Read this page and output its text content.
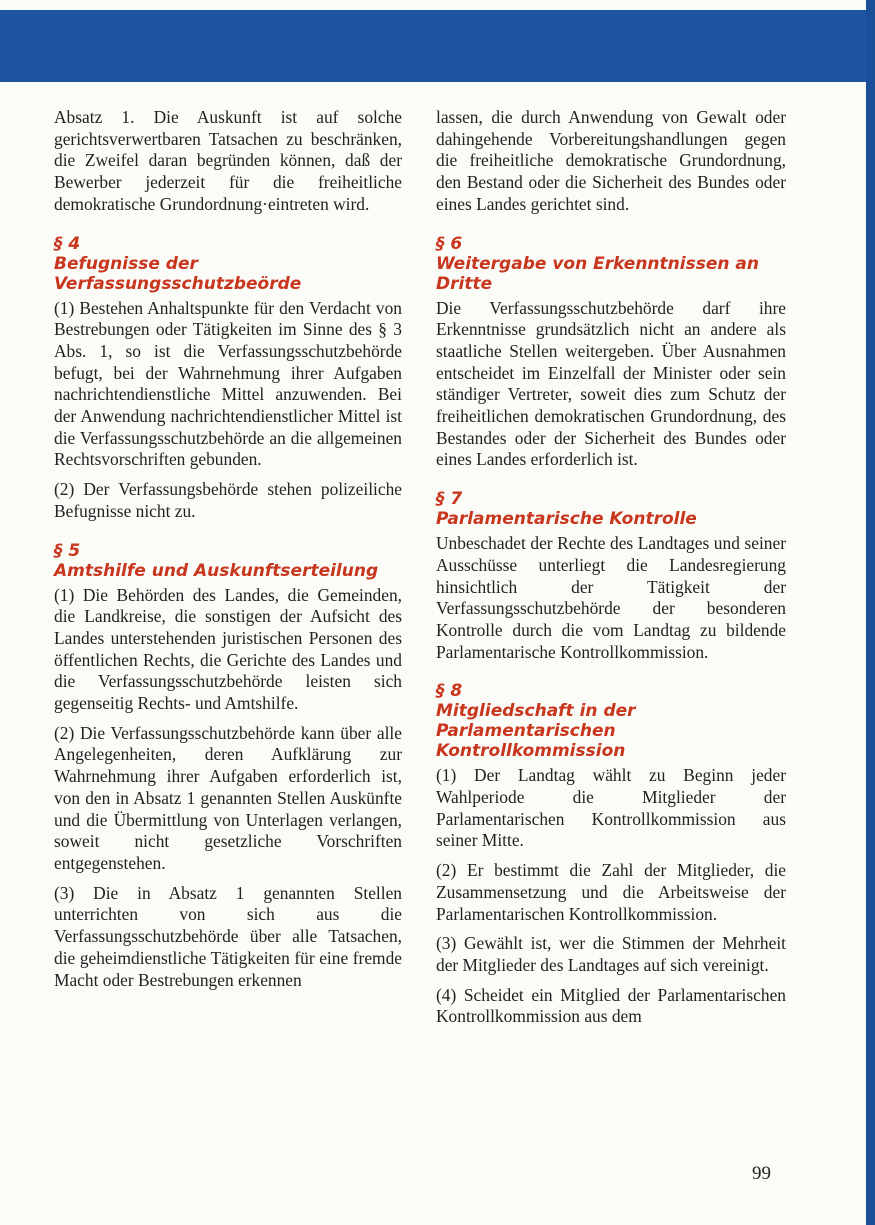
Absatz 1. Die Auskunft ist auf solche gerichtsverwertbaren Tatsachen zu beschränken, die Zweifel daran begründen können, daß der Bewerber jederzeit für die freiheitliche demokratische Grundordnung·eintreten wird.

§ 4

Befugnisse der Verfassungsschutzbeörde

(1) Bestehen Anhaltspunkte für den Verdacht von Bestrebungen oder Tätigkeiten im Sinne des § 3 Abs. 1, so ist die Verfassungsschutzbehörde befugt, bei der Wahrnehmung ihrer Aufgaben nachrichtendienstliche Mittel anzuwenden. Bei der Anwendung nachrichtendienstlicher Mittel ist die Verfassungsschutzbehörde an die allgemeinen Rechtsvorschriften gebunden.

(2) Der Verfassungsbehörde stehen polizeiliche Befugnisse nicht zu.

§ 5

Amtshilfe und Auskunftserteilung

(1) Die Behörden des Landes, die Gemeinden, die Landkreise, die sonstigen der Aufsicht des Landes unterstehenden juristischen Personen des öffentlichen Rechts, die Gerichte des Landes und die Verfassungsschutzbehörde leisten sich gegenseitig Rechts- und Amtshilfe.

(2) Die Verfassungsschutzbehörde kann über alle Angelegenheiten, deren Aufklärung zur Wahrnehmung ihrer Aufgaben erforderlich ist, von den in Absatz 1 genannten Stellen Auskünfte und die Übermittlung von Unterlagen verlangen, soweit nicht gesetzliche Vorschriften entgegenstehen.

(3) Die in Absatz 1 genannten Stellen unterrichten von sich aus die Verfassungsschutzbehörde über alle Tatsachen, die geheimdienstliche Tätigkeiten für eine fremde Macht oder Bestrebungen erkennen

lassen, die durch Anwendung von Gewalt oder dahingehende Vorbereitungshandlungen gegen die freiheitliche demokratische Grundordnung, den Bestand oder die Sicherheit des Bundes oder eines Landes gerichtet sind.

§ 6

Weitergabe von Erkenntnissen an Dritte

Die Verfassungsschutzbehörde darf ihre Erkenntnisse grundsätzlich nicht an andere als staatliche Stellen weitergeben. Über Ausnahmen entscheidet im Einzelfall der Minister oder sein ständiger Vertreter, soweit dies zum Schutz der freiheitlichen demokratischen Grundordnung, des Bestandes oder der Sicherheit des Bundes oder eines Landes erforderlich ist.

§ 7

Parlamentarische Kontrolle

Unbeschadet der Rechte des Landtages und seiner Ausschüsse unterliegt die Landesregierung hinsichtlich der Tätigkeit der Verfassungsschutzbehörde der besonderen Kontrolle durch die vom Landtag zu bildende Parlamentarische Kontrollkommission.

§ 8

Mitgliedschaft in der Parlamentarischen Kontrollkommission

(1) Der Landtag wählt zu Beginn jeder Wahlperiode die Mitglieder der Parlamentarischen Kontrollkommission aus seiner Mitte.

(2) Er bestimmt die Zahl der Mitglieder, die Zusammensetzung und die Arbeitsweise der Parlamentarischen Kontrollkommission.

(3) Gewählt ist, wer die Stimmen der Mehrheit der Mitglieder des Landtages auf sich vereinigt.

(4) Scheidet ein Mitglied der Parlamentarischen Kontrollkommission aus dem

99
